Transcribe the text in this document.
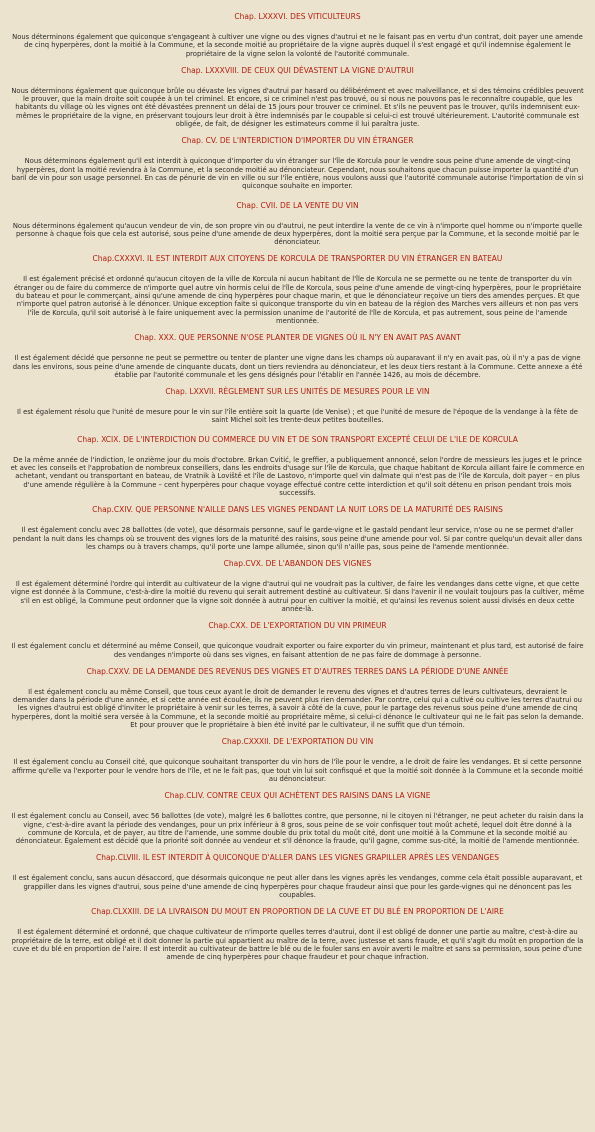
Chap. LXXXVI. DES VITICULTEURS

Nous déterminons également que quiconque s'engageant à cultiver une vigne ou des vignes d'autrui et ne le faisant pas en vertu d'un contrat, doit payer une amende de cinq hyperpères, dont la moitié à la Commune, et la seconde moitié au propriétaire de la vigne auprès duquel il s'est engagé et qu'il indemnise également le propriétaire de la vigne selon la volonté de l'autorité communale.

Chap. LXXXVIII. DE CEUX QUI DÉVASTENT LA VIGNE D'AUTRUI

Nous déterminons également que quiconque brûle ou dévaste les vignes d'autrui par hasard ou délibérément et avec malveillance, et si des témoins crédibles peuvent le prouver, que la main droite soit coupée à un tel criminel. Et encore, si ce criminel n'est pas trouvé, ou si nous ne pouvons pas le reconnaître coupable, que les habitants du village où les vignes ont été dévastées prennent un délai de 15 jours pour trouver ce criminel. Et s'ils ne peuvent pas le trouver, qu'ils indemnisent eux-mêmes le propriétaire de la vigne, en préservant toujours leur droit à être indemnisés par le coupable si celui-ci est trouvé ultérieurement. L'autorité communale est obligée, de fait, de désigner les estimateurs comme il lui paraîtra juste.

Chap. CV. DE L'INTERDICTION D'IMPORTER DU VIN ÉTRANGER

Nous déterminons également qu'il est interdit à quiconque d'importer du vin étranger sur l'île de Korcula pour le vendre sous peine d'une amende de vingt-cinq hyperpères, dont la moitié reviendra à la Commune, et la seconde moitié au dénonciateur. Cependant, nous souhaitons que chacun puisse importer la quantité d'un baril de vin pour son usage personnel. En cas de pénurie de vin en ville ou sur l'île entière, nous voulons aussi que l'autorité communale autorise l'importation de vin si quiconque souhaite en importer.

Chap. CVII. DE LA VENTE DU VIN

Nous déterminons également qu'aucun vendeur de vin, de son propre vin ou d'autrui, ne peut interdire la vente de ce vin à n'importe quel homme ou n'importe quelle personne à chaque fois que cela est autorisé, sous peine d'une amende de deux hyperpères, dont la moitié sera perçue par la Commune, et la seconde moitié par le dénonciateur.

Chap.CXXXVI. IL EST INTERDIT AUX CITOYENS DE KORCULA DE TRANSPORTER DU VIN ÉTRANGER EN BATEAU

Il est également précisé et ordonné qu'aucun citoyen de la ville de Korcula ni aucun habitant de l'île de Korcula ne se permette ou ne tente de transporter du vin étranger ou de faire du commerce de n'importe quel autre vin hormis celui de l'île de Korcula, sous peine d'une amende de vingt-cinq hyperpères, pour le propriétaire du bateau et pour le commerçant, ainsi qu'une amende de cinq hyperpères pour chaque marin, et que le dénonciateur reçoive un tiers des amendes perçues. Et que n'importe quel patron autorisé à le dénoncer. Unique exception faite si quiconque transporte du vin en bateau de la région des Marches vers ailleurs et non pas vers l'île de Korcula, qu'il soit autorisé à le faire uniquement avec la permission unanime de l'autorité de l'île de Korcula, et pas autrement, sous peine de l'amende mentionnée.

Chap. XXX. QUE PERSONNE N'OSE PLANTER DE VIGNES OÙ IL N'Y EN AVAIT PAS AVANT

Il est également décidé que personne ne peut se permettre ou tenter de planter une vigne dans les champs où auparavant il n'y en avait pas, où il n'y a pas de vigne dans les environs, sous peine d'une amende de cinquante ducats, dont un tiers reviendra au dénonciateur, et les deux tiers restant à la Commune. Cette annexe a été établie par l'autorité communale et les gens désignés pour l'établir en l'année 1426, au mois de décembre.

Chap. LXXVII. RÈGLEMENT SUR LES UNITÉS DE MESURES POUR LE VIN

Il est également résolu que l'unité de mesure pour le vin sur l'île entière soit la quarte (de Venise) ; et que l'unité de mesure de l'époque de la vendange à la fête de saint Michel soit les trente-deux petites bouteilles.

Chap. XCIX. DE L'INTERDICTION DU COMMERCE DU VIN ET DE SON TRANSPORT EXCEPTÉ CELUI DE L'ILE DE KORCULA

De la même année de l'indiction, le onzième jour du mois d'octobre. Brkan Cvitić, le greffier, a publiquement annoncé, selon l'ordre de messieurs les juges et le prince et avec les conseils et l'approbation de nombreux conseillers, dans les endroits d'usage sur l'île de Korcula, que chaque habitant de Korcula aillant faire le commerce en achetant, vendant ou transportant en bateau, de Vratnik à Loviště et l'île de Lastovo, n'importe quel vin dalmate qui n'est pas de l'île de Korcula, doit payer – en plus d'une amende régulière à la Commune – cent hyperpères pour chaque voyage effectué contre cette interdiction et qu'il soit détenu en prison pendant trois mois successifs.

Chap.CXIV. QUE PERSONNE N'AILLE DANS LES VIGNES PENDANT LA NUIT LORS DE LA MATURITÉ DES RAISINS

Il est également conclu avec 28 ballottes (de vote), que désormais personne, sauf le garde-vigne et le gastald pendant leur service, n'ose ou ne se permet d'aller pendant la nuit dans les champs où se trouvent des vignes lors de la maturité des raisins, sous peine d'une amende pour vol. Si par contre quelqu'un devait aller dans les champs ou à travers champs, qu'il porte une lampe allumée, sinon qu'il n'aille pas, sous peine de l'amende mentionnée.

Chap.CVX. DE L'ABANDON DES VIGNES

Il est également déterminé l'ordre qui interdit au cultivateur de la vigne d'autrui qui ne voudrait pas la cultiver, de faire les vendanges dans cette vigne, et que cette vigne est donnée à la Commune, c'est-à-dire la moitié du revenu qui serait autrement destiné au cultivateur. Si dans l'avenir il ne voulait toujours pas la cultiver, même s'il en est obligé, la Commune peut ordonner que la vigne soit donnée à autrui pour en cultiver la moitié, et qu'ainsi les revenus soient aussi divisés en deux cette année-là.

Chap.CXX. DE L'EXPORTATION DU VIN PRIMEUR

Il est également conclu et déterminé au même Conseil, que quiconque voudrait exporter ou faire exporter du vin primeur, maintenant et plus tard, est autorisé de faire des vendanges n'importe où dans ses vignes, en faisant attention de ne pas faire de dommage à personne.

Chap.CXXV. DE LA DEMANDE DES REVENUS DES VIGNES ET D'AUTRES TERRES DANS LA PÉRIODE D'UNE ANNÉE

Il est également conclu au même Conseil, que tous ceux ayant le droit de demander le revenu des vignes et d'autres terres de leurs cultivateurs, devraient le demander dans la période d'une année, et si cette année est écoulée, ils ne peuvent plus rien demander. Par contre, celui qui a cultivé ou cultive les terres d'autrui ou les vignes d'autrui est obligé d'inviter le propriétaire à venir sur les terres, à savoir à côté de la cuve, pour le partage des revenus sous peine d'une amende de cinq hyperpères, dont la moitié sera versée à la Commune, et la seconde moitié au propriétaire même, si celui-ci dénonce le cultivateur qui ne le fait pas selon la demande. Et pour prouver que le propriétaire à bien été invité par le cultivateur, il ne suffit que d'un témoin.

Chap.CXXXII. DE L'EXPORTATION DU VIN

Il est également conclu au Conseil cité, que quiconque souhaitant transporter du vin hors de l'île pour le vendre, a le droit de faire les vendanges. Et si cette personne affirme qu'elle va l'exporter pour le vendre hors de l'île, et ne le fait pas, que tout vin lui soit confisqué et que la moitié soit donnée à la Commune et la seconde moitié au dénonciateur.

Chap.CLIV. CONTRE CEUX QUI ACHÈTENT DES RAISINS DANS LA VIGNE

Il est également conclu au Conseil, avec 56 ballottes (de vote), malgré les 6 ballottes contre, que personne, ni le citoyen ni l'étranger, ne peut acheter du raisin dans la vigne, c'est-à-dire avant la période des vendanges, pour un prix inférieur à 8 gros, sous peine de se voir confisquer tout moût acheté, lequel doit être donné à la commune de Korcula, et de payer, au titre de l'amende, une somme double du prix total du moût cité, dont une moitié à la Commune et la seconde moitié au dénonciateur. Également est décidé que la priorité soit donnée au vendeur et s'il dénonce la fraude, qu'il gagne, comme sus-cité, la moitié de l'amende mentionnée.

Chap.CLVIII. IL EST INTERDIT À QUICONQUE D'ALLER DANS LES VIGNES GRAPILLER APRÈS LES VENDANGES

Il est également conclu, sans aucun désaccord, que désormais quiconque ne peut aller dans les vignes après les vendanges, comme cela était possible auparavant, et grappiller dans les vignes d'autrui, sous peine d'une amende de cinq hyperpères pour chaque fraudeur ainsi que pour les garde-vignes qui ne dénoncent pas les coupables.

Chap.CLXXIII. DE LA LIVRAISON DU MOUT EN PROPORTION DE LA CUVE ET DU BLÉ EN PROPORTION DE L'AIRE

Il est également déterminé et ordonné, que chaque cultivateur de n'importe quelles terres d'autrui, dont il est obligé de donner une partie au maître, c'est-à-dire au propriétaire de la terre, est obligé et il doit donner la partie qui appartient au maître de la terre, avec justesse et sans fraude, et qu'il s'agit du moût en proportion de la cuve et du blé en proportion de l'aire. Il est interdit au cultivateur de battre le blé ou de le fouler sans en avoir averti le maître et sans sa permission, sous peine d'une amende de cinq hyperpères pour chaque fraudeur et pour chaque infraction.
